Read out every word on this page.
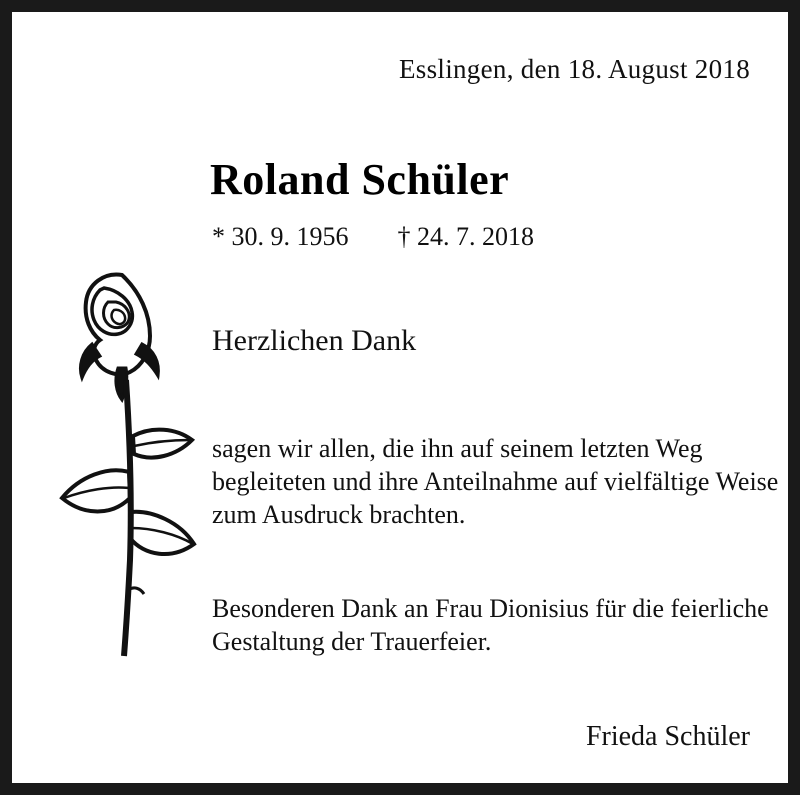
Esslingen, den 18. August 2018
Roland Schüler
* 30. 9. 1956 † 24. 7. 2018
Herzlichen Dank
sagen wir allen, die ihn auf seinem letzten Weg begleiteten und ihre Anteilnahme auf vielfältige Weise zum Ausdruck brachten.
Besonderen Dank an Frau Dionisius für die feierliche Gestaltung der Trauerfeier.
Frieda Schüler
